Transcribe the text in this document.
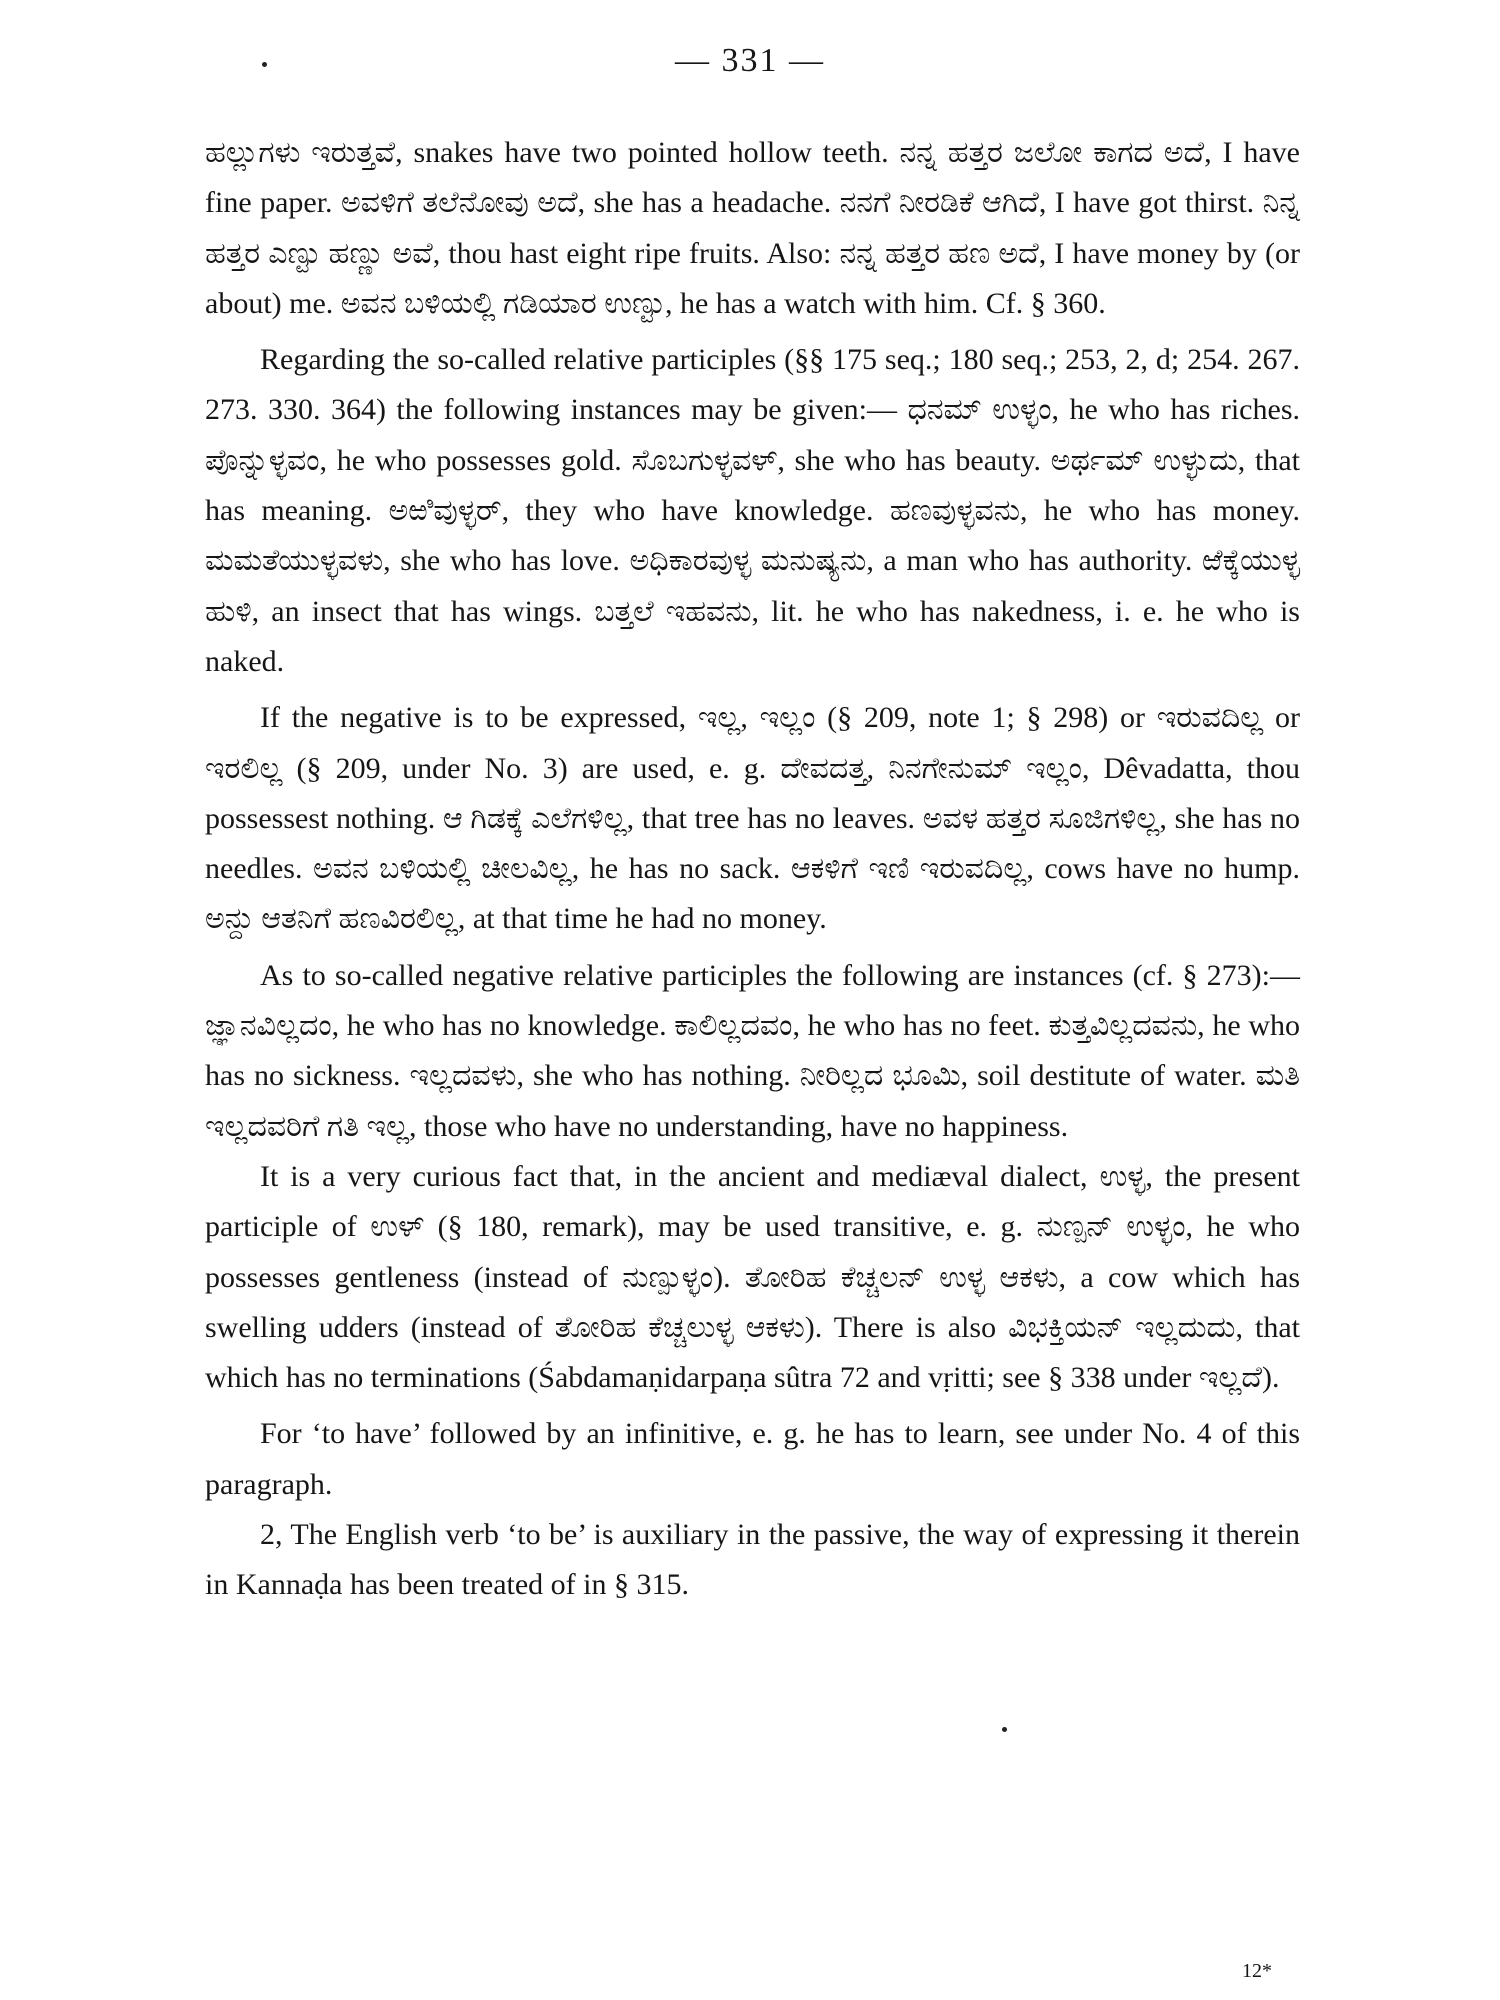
— 331 —

ಹಲ್ಲುಗಳು ಇರುತ್ತವೆ, snakes have two pointed hollow teeth. ನನ್ನ ಹತ್ತರ ಜಲೋ ಕಾಗದ ಅದೆ, I have fine paper. ಅವಳಿಗೆ ತಲೆನೋವು ಅದೆ, she has a headache. ನನಗೆ ನೀರಡಿಕೆ ಆಗಿದೆ, I have got thirst. ನಿನ್ನ ಹತ್ತರ ಎಣ್ಟು ಹಣ್ಣು ಅವೆ, thou hast eight ripe fruits. Also: ನನ್ನ ಹತ್ತರ ಹಣ ಅದೆ, I have money by (or about) me. ಅವನ ಬಳಿಯಲ್ಲಿ ಗಡಿಯಾರ ಉಣ್ಟು, he has a watch with him. Cf. § 360.

Regarding the so-called relative participles (§§ 175 seq.; 180 seq.; 253, 2, d; 254. 267. 273. 330. 364) the following instances may be given:— ಧನಮ್ ಉಳ್ಳಂ, he who has riches. ಪೊನ್ನುಳ್ಳವಂ, he who possesses gold. ಸೊಬಗುಳ್ಳವಳ್, she who has beauty. ಅರ್ಥಮ್ ಉಳ್ಳುದು, that has meaning. ಅಱಿವುಳ್ಳರ್, they who have knowledge. ಹಣವುಳ್ಳವನು, he who has money. ಮಮತೆಯುಳ್ಳವಳು, she who has love. ಅಧಿಕಾರವುಳ್ಳ ಮನುಷ್ಯನು, a man who has authority. ಱೆಕ್ಕೆಯುಳ್ಳ ಹುಳಿ, an insect that has wings. ಬತ್ತಲೆ ಇಹವನು, lit. he who has nakedness, i. e. he who is naked.

If the negative is to be expressed, ಇಲ್ಲ, ಇಲ್ಲಂ (§ 209, note 1; § 298) or ಇರುವದಿಲ್ಲ or ಇರಲಿಲ್ಲ (§ 209, under No. 3) are used, e. g. ದೇವದತ್ತ, ನಿನಗೇನುಮ್ ಇಲ್ಲಂ, Dêvadatta, thou possessest nothing. ಆ ಗಿಡಕ್ಕೆ ಎಲೆಗಳಿಲ್ಲ, that tree has no leaves. ಅವಳ ಹತ್ತರ ಸೂಜಿಗಳಿಲ್ಲ, she has no needles. ಅವನ ಬಳಿಯಲ್ಲಿ ಚೀಲವಿಲ್ಲ, he has no sack. ಆಕಳಿಗೆ ಇಣಿ ಇರುವದಿಲ್ಲ, cows have no hump. ಅನ್ದು ಆತನಿಗೆ ಹಣವಿರಲಿಲ್ಲ, at that time he had no money.

As to so-called negative relative participles the following are instances (cf. § 273):—ಜ್ಞಾನವಿಲ್ಲದಂ, he who has no knowledge. ಕಾಲಿಲ್ಲದವಂ, he who has no feet. ಕುತ್ತವಿಲ್ಲದವನು, he who has no sickness. ಇಲ್ಲದವಳು, she who has nothing. ನೀರಿಲ್ಲದ ಭೂಮಿ, soil destitute of water. ಮತಿ ಇಲ್ಲದವರಿಗೆ ಗತಿ ಇಲ್ಲ, those who have no understanding, have no happiness.

It is a very curious fact that, in the ancient and mediæval dialect, ಉಳ್ಳ, the present participle of ಉಳ್ (§ 180, remark), may be used transitive, e. g. ನುಣ್ಪನ್ ಉಳ್ಳಂ, he who possesses gentleness (instead of ನುಣ್ಪುಳ್ಳಂ). ತೋರಿಹ ಕೆಚ್ಚಲನ್ ಉಳ್ಳ ಆಕಳು, a cow which has swelling udders (instead of ತೋರಿಹ ಕೆಚ್ಚಲುಳ್ಳ ಆಕಳು). There is also ವಿಭಕ್ತಿಯನ್ ಇಲ್ಲದುದು, that which has no terminations (Śabdamaṇidarpaṇa sûtra 72 and vṛitti; see § 338 under ಇಲ್ಲದೆ).

For ‘to have’ followed by an infinitive, e. g. he has to learn, see under No. 4 of this paragraph.

2, The English verb ‘to be’ is auxiliary in the passive, the way of expressing it therein in Kannaḍa has been treated of in § 315.

12*
